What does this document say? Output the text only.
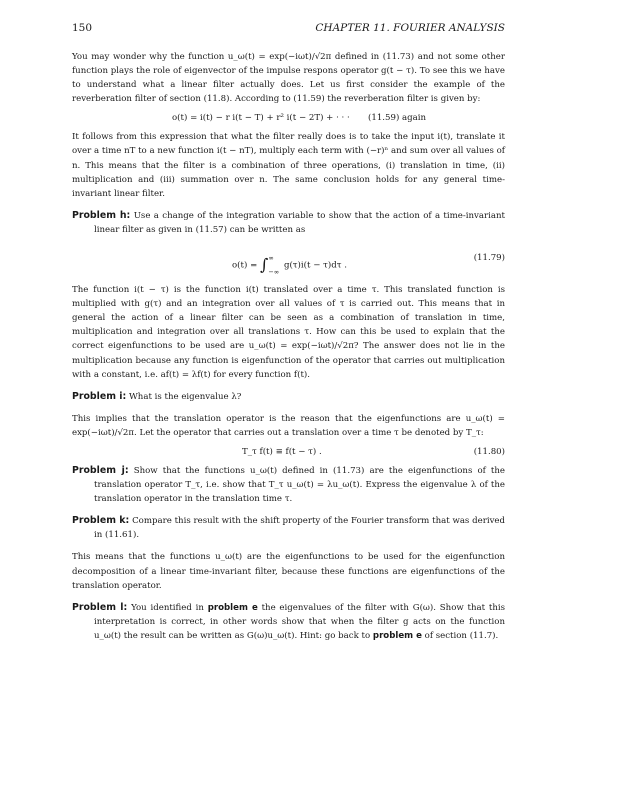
150	CHAPTER 11. FOURIER ANALYSIS

You may wonder why the function u_ω(t) = exp(−iωt)/√2π defined in (11.73) and not some other function plays the role of eigenvector of the impulse respons operator g(t − τ). To see this we have to understand what a linear filter actually does. Let us first consider the example of the reverberation filter of section (11.8). According to (11.59) the reverberation filter is given by:

o(t) = i(t) − r i(t − T) + r² i(t − 2T) + · · · (11.59) again

It follows from this expression that what the filter really does is to take the input i(t), translate it over a time nT to a new function i(t − nT), multiply each term with (−r)ⁿ and sum over all values of n. This means that the filter is a combination of three operations, (i) translation in time, (ii) multiplication and (iii) summation over n. The same conclusion holds for any general time-invariant linear filter.

Problem h: Use a change of the integration variable to show that the action of a time-invariant linear filter as given in (11.57) can be written as

o(t) = ∫∞
−∞ g(τ)i(t − τ)dτ .
(11.79)

The function i(t − τ) is the function i(t) translated over a time τ. This translated function is multiplied with g(τ) and an integration over all values of τ is carried out. This means that in general the action of a linear filter can be seen as a combination of translation in time, multiplication and integration over all translations τ. How can this be used to explain that the correct eigenfunctions to be used are u_ω(t) = exp(−iωt)/√2π? The answer does not lie in the multiplication because any function is eigenfunction of the operator that carries out multiplication with a constant, i.e. af(t) = λf(t) for every function f(t).

Problem i: What is the eigenvalue λ?

This implies that the translation operator is the reason that the eigenfunctions are u_ω(t) = exp(−iωt)/√2π. Let the operator that carries out a translation over a time τ be denoted by T_τ:

T_τ f(t) ≡ f(t − τ) .	(11.80)

Problem j: Show that the functions u_ω(t) defined in (11.73) are the eigenfunctions of the translation operator T_τ, i.e. show that T_τ u_ω(t) = λu_ω(t). Express the eigenvalue λ of the translation operator in the translation time τ.

Problem k: Compare this result with the shift property of the Fourier transform that was derived in (11.61).

This means that the functions u_ω(t) are the eigenfunctions to be used for the eigenfunction decomposition of a linear time-invariant filter, because these functions are eigenfunctions of the translation operator.

Problem l: You identified in problem e the eigenvalues of the filter with G(ω). Show that this interpretation is correct, in other words show that when the filter g acts on the function u_ω(t) the result can be written as G(ω)u_ω(t). Hint: go back to problem e of section (11.7).
